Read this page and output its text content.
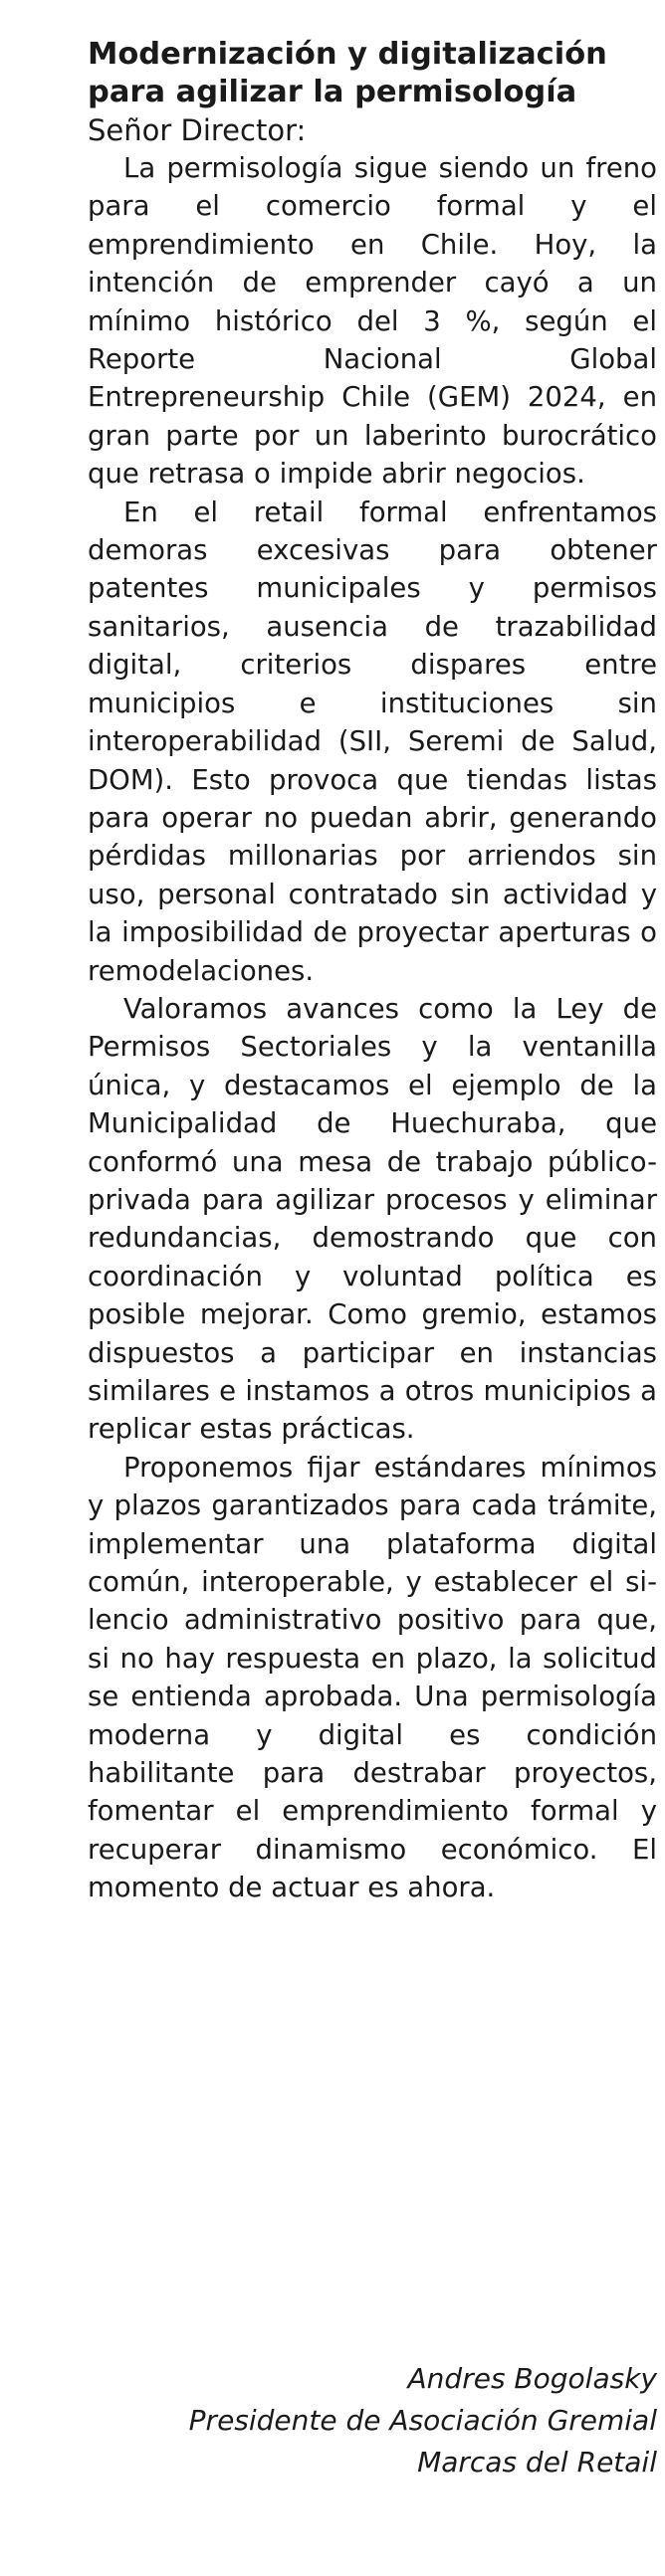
Modernización y digitalización
para agilizar la permisología

Señor Director:

La permisología sigue siendo un freno para el comercio formal y el emprendimiento en Chile. Hoy, la intención de emprender cayó a un mínimo histórico del 3 %, según el Reporte Nacional Global Entrepreneurship Chile (GEM) 2024, en gran parte por un laberinto burocrático que retrasa o impide abrir negocios.

En el retail formal enfrentamos demoras excesivas para obtener patentes municipales y permisos sanitarios, ausencia de trazabilidad digital, criterios dispares entre municipios e instituciones sin interoperabilidad (SII, Seremi de Salud, DOM). Esto provoca que tiendas listas para operar no puedan abrir, generando pérdidas millonarias por arriendos sin uso, personal contratado sin actividad y la imposibilidad de proyectar aperturas o remodelaciones.

Valoramos avances como la Ley de Permisos Sectoriales y la ventanilla única, y destacamos el ejemplo de la Municipalidad de Huechuraba, que conformó una mesa de trabajo público-privada para agilizar procesos y eliminar redundancias, demostrando que con coordinación y voluntad política es posible mejorar. Como gremio, estamos dispuestos a participar en instancias similares e instamos a otros municipios a replicar estas prácticas.

Proponemos fijar estándares mínimos y plazos garantizados para cada trámite, implementar una plataforma digital común, interoperable, y establecer el silencio administrativo positivo para que, si no hay respuesta en plazo, la solicitud se entienda aprobada. Una permisología moderna y digital es condición habilitante para destrabar proyectos, fomentar el emprendimiento formal y recuperar dinamismo económico. El momento de actuar es ahora.

Andres Bogolasky
Presidente de Asociación Gremial
Marcas del Retail
